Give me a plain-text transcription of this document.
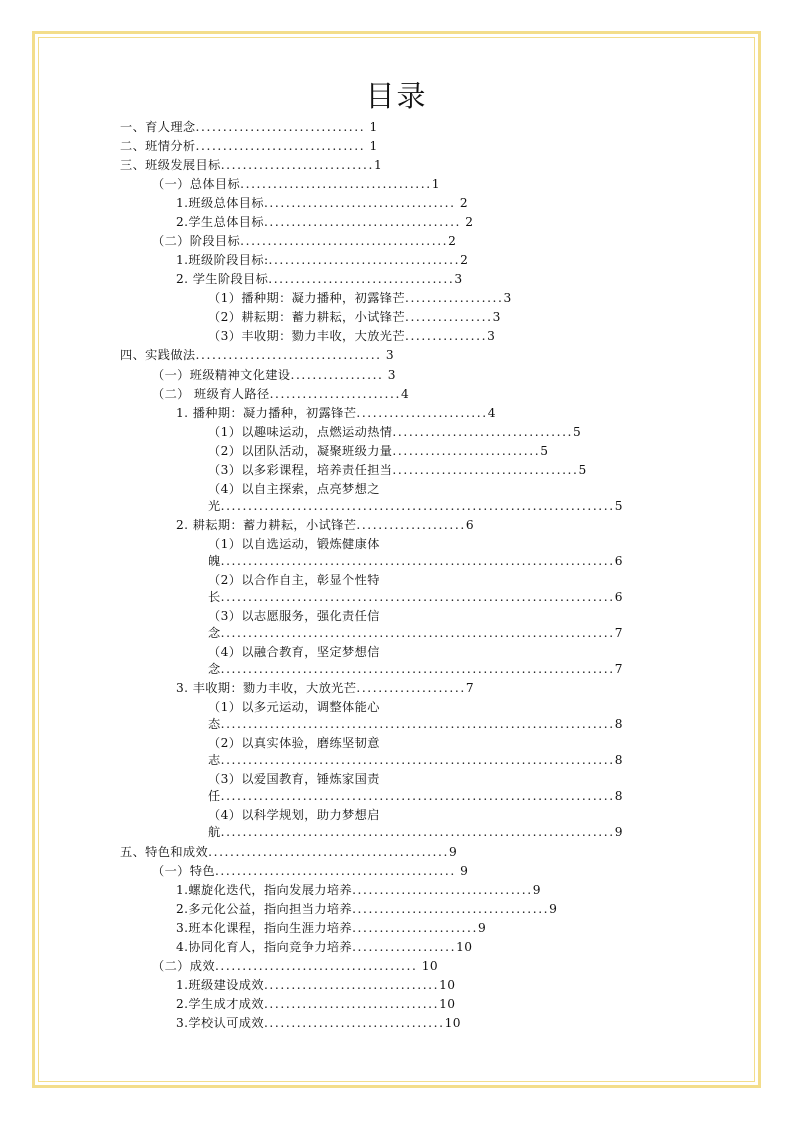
目录
一、育人理念............................... 1
二、班情分析............................... 1
三、班级发展目标............................1
（一）总体目标...................................1
1.班级总体目标................................... 2
2.学生总体目标.................................... 2
（二）阶段目标......................................2
1.班级阶段目标:...................................2
2. 学生阶段目标..................................3
（1）播种期：凝力播种，初露锋芒..................3
（2）耕耘期：蓄力耕耘，小试锋芒................3
（3）丰收期：勠力丰收，大放光芒...............3
四、实践做法.................................. 3
（一）班级精神文化建设................. 3
（二） 班级育人路径........................4
1. 播种期：凝力播种，初露锋芒........................4
（1）以趣味运动，点燃运动热情.................................5
（2）以团队活动，凝聚班级力量...........................5
（3）以多彩课程，培养责任担当..................................5
（4）以自主探索，点亮梦想之
光........................................................................5
2. 耕耘期：蓄力耕耘，小试锋芒....................6
（1）以自选运动，锻炼健康体
魄........................................................................6
（2）以合作自主，彰显个性特
长........................................................................6
（3）以志愿服务，强化责任信
念........................................................................7
（4）以融合教育，坚定梦想信
念........................................................................7
3. 丰收期：勠力丰收，大放光芒....................7
（1）以多元运动，调整体能心
态........................................................................8
（2）以真实体验，磨练坚韧意
志........................................................................8
（3）以爱国教育，锤炼家国责
任........................................................................8
（4）以科学规划，助力梦想启
航........................................................................9
五、特色和成效............................................9
（一）特色............................................ 9
1.螺旋化迭代，指向发展力培养.................................9
2.多元化公益，指向担当力培养....................................9
3.班本化课程，指向生涯力培养.......................9
4.协同化育人，指向竞争力培养...................10
（二）成效..................................... 10
1.班级建设成效................................10
2.学生成才成效................................10
3.学校认可成效.................................10
